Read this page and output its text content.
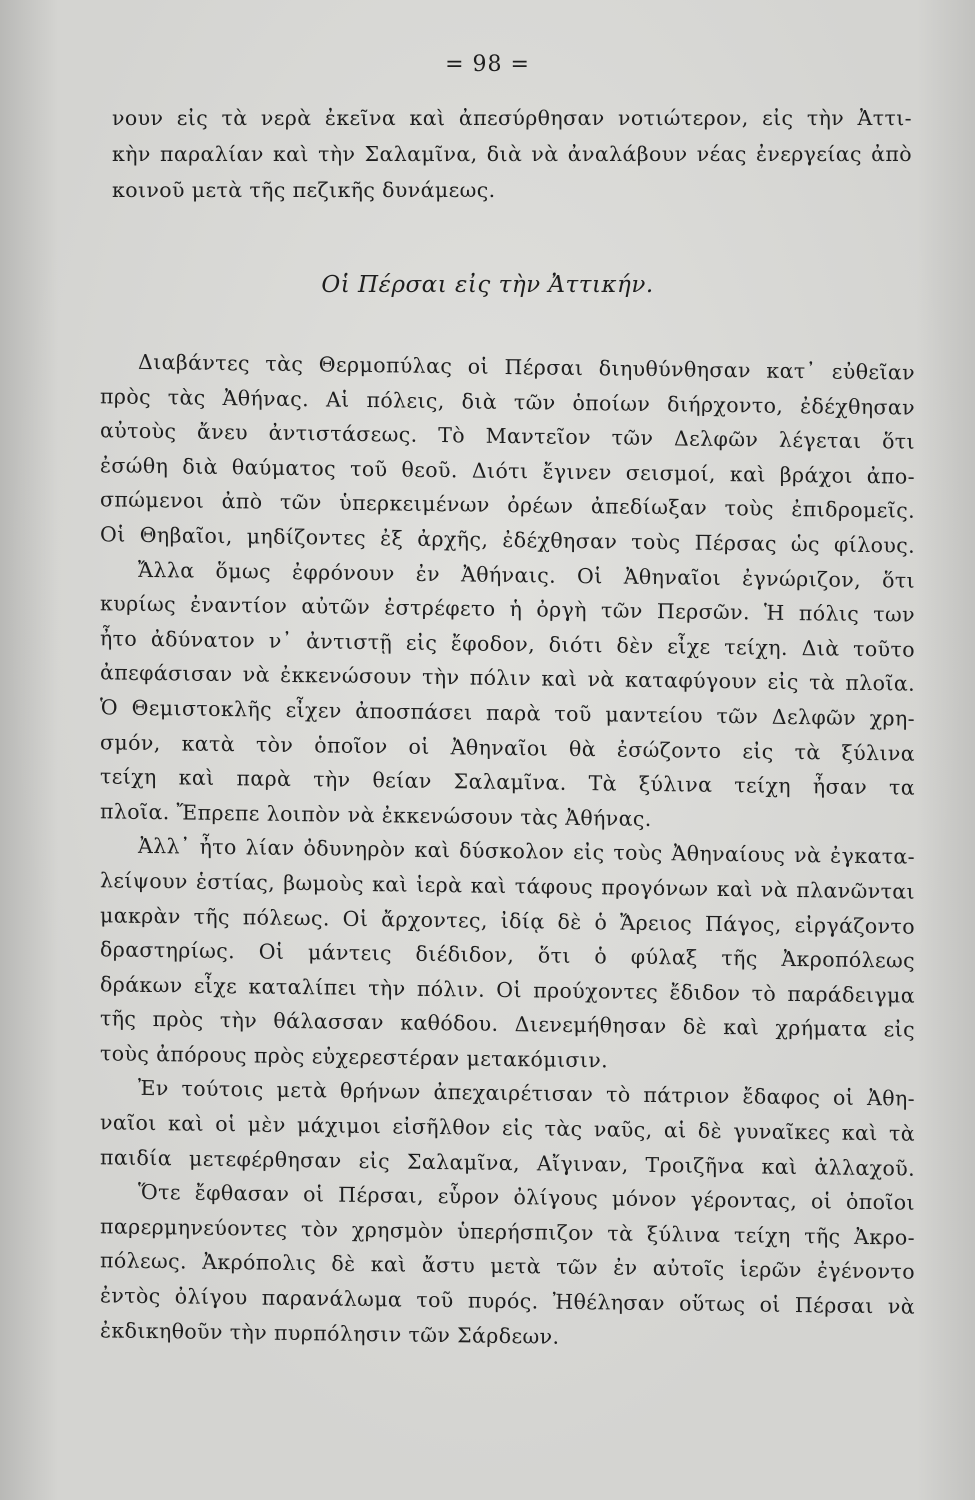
= 98 =
νουν εἰς τὰ νερὰ ἐκεῖνα καὶ ἀπεσύρθησαν νοτιώτερον, εἰς τὴν Ἀττι-
κὴν παραλίαν καὶ τὴν Σαλαμῖνα, διὰ νὰ ἀναλάβουν νέας ἐνεργείας ἀπὸ
κοινοῦ μετὰ τῆς πεζικῆς δυνάμεως.
Οἱ Πέρσαι εἰς τὴν Ἀττικήν.
Διαβάντες τὰς Θερμοπύλας οἱ Πέρσαι διηυθύνθησαν κατ᾽ εὐθεῖαν
πρὸς τὰς Ἀθήνας. Αἱ πόλεις, διὰ τῶν ὁποίων διήρχοντο, ἐδέχθησαν
αὐτοὺς ἄνευ ἀντιστάσεως. Τὸ Μαντεῖον τῶν Δελφῶν λέγεται ὅτι
ἐσώθη διὰ θαύματος τοῦ θεοῦ. Διότι ἔγινεν σεισμοί, καὶ βράχοι ἀπο-
σπώμενοι ἀπὸ τῶν ὑπερκειμένων ὀρέων ἀπεδίωξαν τοὺς ἐπιδρομεῖς.
Οἱ Θηβαῖοι, μηδίζοντες ἐξ ἀρχῆς, ἐδέχθησαν τοὺς Πέρσας ὡς φίλους.
Ἄλλα ὅμως ἐφρόνουν ἐν Ἀθήναις. Οἱ Ἀθηναῖοι ἐγνώριζον, ὅτι
κυρίως ἐναντίον αὐτῶν ἐστρέφετο ἡ ὀργὴ τῶν Περσῶν. Ἡ πόλις των
ἦτο ἀδύνατον ν᾽ ἀντιστῇ εἰς ἔφοδον, διότι δὲν εἶχε τείχη. Διὰ τοῦτο
ἀπεφάσισαν νὰ ἐκκενώσουν τὴν πόλιν καὶ νὰ καταφύγουν εἰς τὰ πλοῖα.
Ὁ Θεμιστοκλῆς εἶχεν ἀποσπάσει παρὰ τοῦ μαντείου τῶν Δελφῶν χρη-
σμόν, κατὰ τὸν ὁποῖον οἱ Ἀθηναῖοι θὰ ἐσώζοντο εἰς τὰ ξύλινα
τείχη καὶ παρὰ τὴν θείαν Σαλαμῖνα. Τὰ ξύλινα τείχη ἦσαν τα
πλοῖα. Ἔπρεπε λοιπὸν νὰ ἐκκενώσουν τὰς Ἀθήνας.
Ἀλλ᾽ ἦτο λίαν ὀδυνηρὸν καὶ δύσκολον εἰς τοὺς Ἀθηναίους νὰ ἐγκατα-
λείψουν ἑστίας, βωμοὺς καὶ ἱερὰ καὶ τάφους προγόνων καὶ νὰ πλανῶνται
μακρὰν τῆς πόλεως. Οἱ ἄρχοντες, ἰδίᾳ δὲ ὁ Ἄρειος Πάγος, εἰργάζοντο
δραστηρίως. Οἱ μάντεις διέδιδον, ὅτι ὁ φύλαξ τῆς Ἀκροπόλεως
δράκων εἶχε καταλίπει τὴν πόλιν. Οἱ προύχοντες ἔδιδον τὸ παράδειγμα
τῆς πρὸς τὴν θάλασσαν καθόδου. Διενεμήθησαν δὲ καὶ χρήματα εἰς
τοὺς ἀπόρους πρὸς εὐχερεστέραν μετακόμισιν.
Ἐν τούτοις μετὰ θρήνων ἀπεχαιρέτισαν τὸ πάτριον ἔδαφος οἱ Ἀθη-
ναῖοι καὶ οἱ μὲν μάχιμοι εἰσῆλθον εἰς τὰς ναῦς, αἱ δὲ γυναῖκες καὶ τὰ
παιδία μετεφέρθησαν εἰς Σαλαμῖνα, Αἴγιναν, Τροιζῆνα καὶ ἀλλαχοῦ.
Ὅτε ἔφθασαν οἱ Πέρσαι, εὗρον ὀλίγους μόνον γέροντας, οἱ ὁποῖοι
παρερμηνεύοντες τὸν χρησμὸν ὑπερήσπιζον τὰ ξύλινα τείχη τῆς Ἀκρο-
πόλεως. Ἀκρόπολις δὲ καὶ ἄστυ μετὰ τῶν ἐν αὐτοῖς ἱερῶν ἐγένοντο
ἐντὸς ὀλίγου παρανάλωμα τοῦ πυρός. Ἠθέλησαν οὕτως οἱ Πέρσαι νὰ
ἐκδικηθοῦν τὴν πυρπόλησιν τῶν Σάρδεων.
